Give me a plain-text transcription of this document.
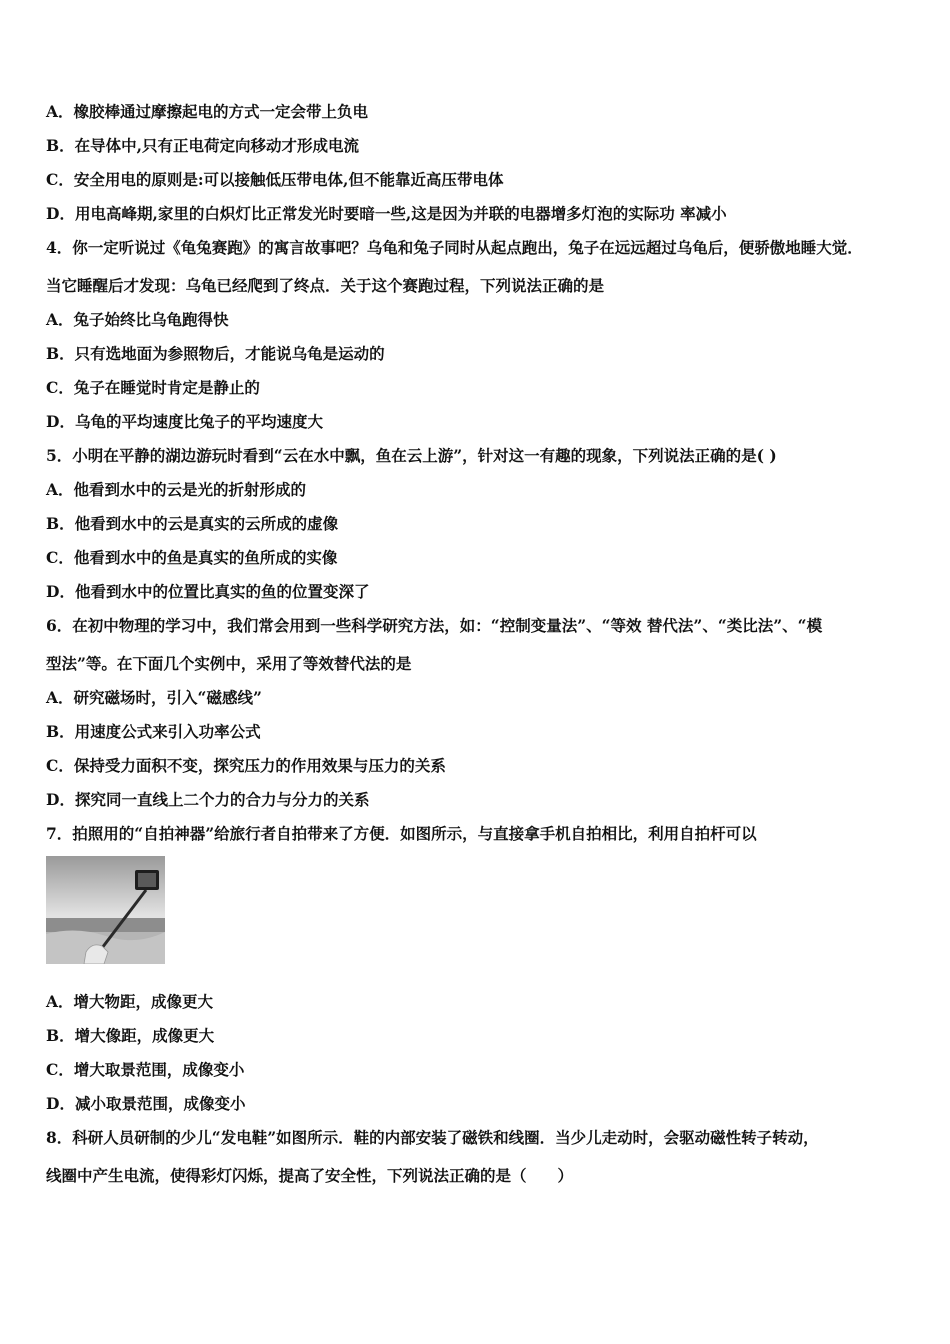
A．橡胶棒通过摩擦起电的方式一定会带上负电
B．在导体中,只有正电荷定向移动才形成电流
C．安全用电的原则是:可以接触低压带电体,但不能靠近高压带电体
D．用电高峰期,家里的白炽灯比正常发光时要暗一些,这是因为并联的电器增多灯泡的实际功 率减小
4．你一定听说过《龟兔赛跑》的寓言故事吧？乌龟和兔子同时从起点跑出，兔子在远远超过乌龟后，便骄傲地睡大觉．
当它睡醒后才发现：乌龟已经爬到了终点．关于这个赛跑过程，下列说法正确的是
A．兔子始终比乌龟跑得快
B．只有选地面为参照物后，才能说乌龟是运动的
C．兔子在睡觉时肯定是静止的
D．乌龟的平均速度比兔子的平均速度大
5．小明在平静的湖边游玩时看到“云在水中飘，鱼在云上游”，针对这一有趣的现象，下列说法正确的是( )
A．他看到水中的云是光的折射形成的
B．他看到水中的云是真实的云所成的虚像
C．他看到水中的鱼是真实的鱼所成的实像
D．他看到水中的位置比真实的鱼的位置变深了
6．在初中物理的学习中，我们常会用到一些科学研究方法，如：“控制变量法”、“等效 替代法”、“类比法”、“模
型法”等。在下面几个实例中，采用了等效替代法的是
A．研究磁场时，引入“磁感线”
B．用速度公式来引入功率公式
C．保持受力面积不变，探究压力的作用效果与压力的关系
D．探究同一直线上二个力的合力与分力的关系
7．拍照用的“自拍神器”给旅行者自拍带来了方便．如图所示，与直接拿手机自拍相比，利用自拍杆可以
A．增大物距，成像更大
B．增大像距，成像更大
C．增大取景范围，成像变小
D．减小取景范围，成像变小
8．科研人员研制的少儿“发电鞋”如图所示．鞋的内部安装了磁铁和线圈．当少儿走动时，会驱动磁性转子转动，
线圈中产生电流，使得彩灯闪烁，提高了安全性，下列说法正确的是（　　）
